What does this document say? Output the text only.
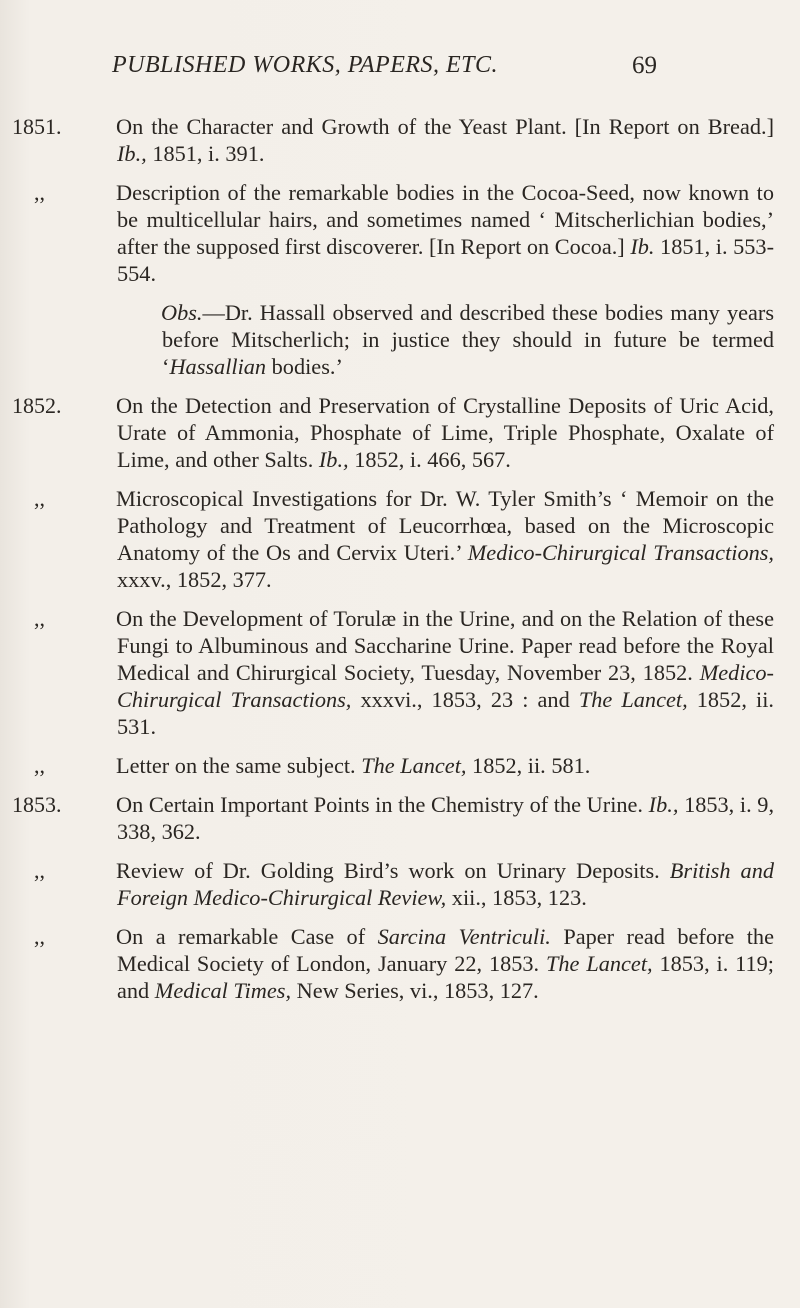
PUBLISHED WORKS, PAPERS, ETC.	69
1851.	On the Character and Growth of the Yeast Plant. [In Report on Bread.] Ib., 1851, i. 391.
,,	Description of the remarkable bodies in the Cocoa-Seed, now known to be multicellular hairs, and sometimes named ‘ Mitscherlichian bodies,’ after the supposed first discoverer. [In Report on Cocoa.] Ib. 1851, i. 553-554.
Obs.—Dr. Hassall observed and described these bodies many years before Mitscherlich; in justice they should in future be termed ‘Hassallian bodies.’
1852.	On the Detection and Preservation of Crystalline Deposits of Uric Acid, Urate of Ammonia, Phosphate of Lime, Triple Phosphate, Oxalate of Lime, and other Salts. Ib., 1852, i. 466, 567.
,,	Microscopical Investigations for Dr. W. Tyler Smith’s ‘ Memoir on the Pathology and Treatment of Leucorrhœa, based on the Microscopic Anatomy of the Os and Cervix Uteri.’ Medico-Chirurgical Transactions, xxxv., 1852, 377.
,,	On the Development of Torulæ in the Urine, and on the Relation of these Fungi to Albuminous and Saccharine Urine. Paper read before the Royal Medical and Chirurgical Society, Tuesday, November 23, 1852. Medico-Chirurgical Transactions, xxxvi., 1853, 23 : and The Lancet, 1852, ii. 531.
,,	Letter on the same subject. The Lancet, 1852, ii. 581.
1853.	On Certain Important Points in the Chemistry of the Urine. Ib., 1853, i. 9, 338, 362.
,,	Review of Dr. Golding Bird’s work on Urinary Deposits. British and Foreign Medico-Chirurgical Review, xii., 1853, 123.
,,	On a remarkable Case of Sarcina Ventriculi. Paper read before the Medical Society of London, January 22, 1853. The Lancet, 1853, i. 119; and Medical Times, New Series, vi., 1853, 127.
